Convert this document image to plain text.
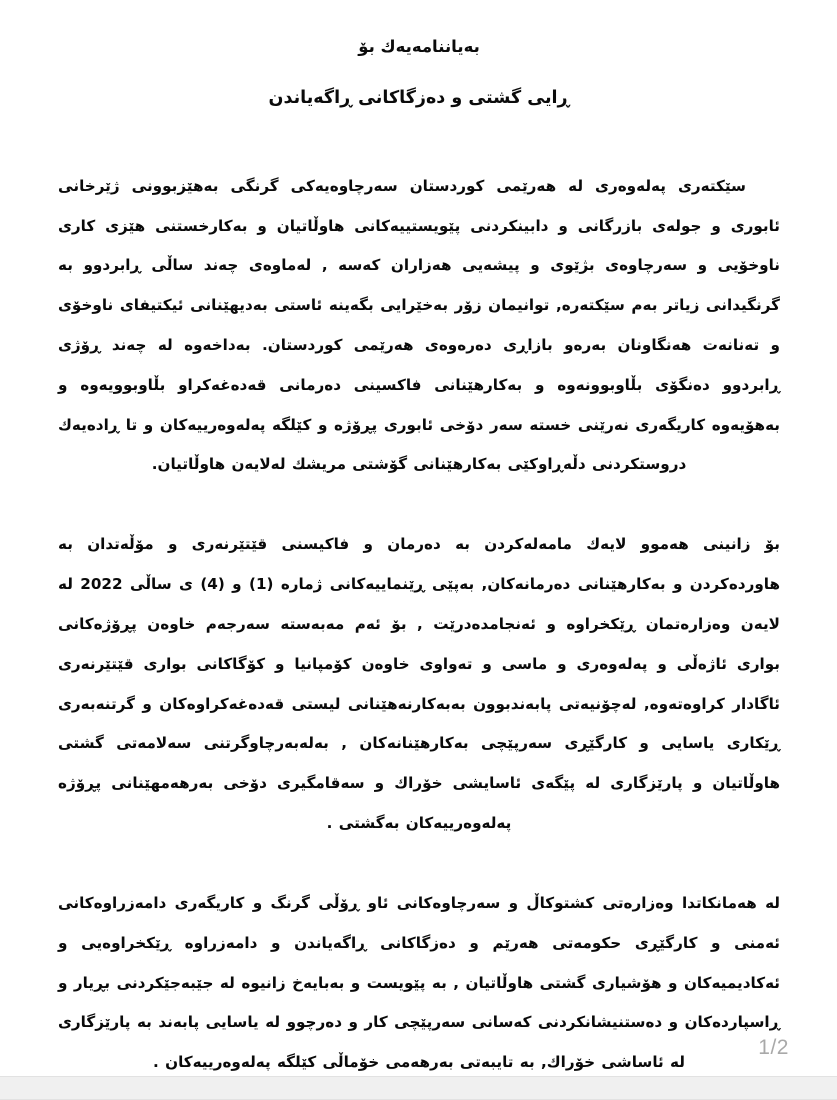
بەیاننامەیەك بۆ
ڕایی گشتی و دەزگاکانی ڕاگەیاندن

سێکتەری پەلەوەری لە هەرێمی کوردستان سەرچاوەیەکی گرنگی بەهێزبوونی ژێرخانی ئابوری و جولەی بازرگانی و دابینکردنی پێویستییەکانی هاوڵاتیان و بەکارخستنی هێزی کاری ناوخۆیی و سەرچاوەی بژێوی و پیشەیی هەزاران کەسە , لەماوەی چەند ساڵی ڕابردوو بە گرنگیدانی زیاتر بەم سێکتەرە, توانیمان زۆر بەخێرایی بگەینە ئاستی بەدیهێنانی ئیکتیفای ناوخۆی و تەنانەت هەنگاونان بەرەو بازاڕی دەرەوەی هەرێمی کوردستان. بەداخەوە لە چەند ڕۆژی ڕابردوو دەنگۆی بڵاوبوونەوە و بەکارهێنانی فاکسینی دەرمانی قەدەغەکراو بڵاوبوویەوە و بەهۆیەوە کاریگەری نەرێنی خستە سەر دۆخی ئابوری پڕۆژە و کێلگە پەلەوەرییەکان و تا ڕادەیەك دروستکردنی دڵەڕاوکێی بەکارهێنانی گۆشتی مریشك لەلایەن هاوڵاتیان.

بۆ زانینی هەموو لایەك مامەلەکردن بە دەرمان و فاکیسنی قێتێرنەری و مۆڵەتدان بە هاوردەکردن و بەکارهێنانی دەرمانەکان, بەپێی ڕێنماییەکانی ژمارە (1) و (4) ی ساڵی 2022 لە لایەن وەزارەتمان ڕێکخراوە و ئەنجامدەدرێت , بۆ ئەم مەبەستە سەرجەم خاوەن پڕۆژەکانی بواری ئاژەڵی و پەلەوەری و ماسی و تەواوی خاوەن کۆمپانیا و کۆگاکانی بواری قێتێرنەری ئاگادار کراوەتەوە, لەچۆنیەتی پابەندبوون بەبەکارنەهێنانی لیستی قەدەغەکراوەکان و گرتنەبەری ڕێکاری یاسایی و کارگێڕی سەرپێچی بەکارهێنانەکان , بەلەبەرچاوگرتنی سەلامەتی گشتی هاوڵاتیان و پارێزگاری لە پێگەی ئاسایشی خۆراك و سەقامگیری دۆخی بەرهەمهێنانی پڕۆژە پەلەوەرییەکان بەگشتی .

لە هەمانکاتدا وەزارەتی کشتوکاڵ و سەرچاوەکانی ئاو ڕۆڵی گرنگ و کاریگەری دامەزراوەکانی ئەمنی و کارگێڕی حکومەتی هەرێم و دەزگاکانی ڕاگەیاندن و دامەزراوە ڕێکخراوەیی و ئەکادیمیەکان و هۆشیاری گشتی هاوڵاتیان , بە پێویست و بەبایەخ زانیوە لە جێبەجێکردنی بڕیار و ڕاسپاردەکان و دەستنیشانکردنی کەسانی سەرپێچی کار و دەرچوو لە یاسایی پابەند بە پارێزگاری لە ئاساشی خۆراك, بە تایبەتی بەرهەمی خۆماڵی کێلگە پەلەوەرییەکان .

1/2
